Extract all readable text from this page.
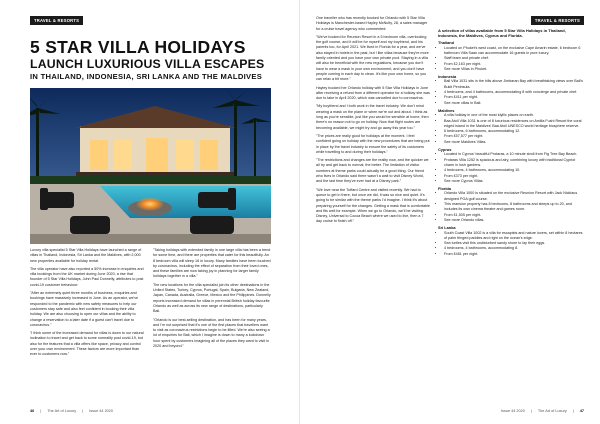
TRAVEL & RESORTS
5 STAR VILLA HOLIDAYS
LAUNCH LUXURIOUS VILLA ESCAPES
IN THAILAND, INDONESIA, SRI LANKA AND THE MALDIVES

Luxury villa specialist 5 Star Villa Holidays have launched a range of villas in Thailand, Indonesia, Sri Lanka and the Maldives, with 2,000 new properties available for holiday rental.

The villa operator have also reported a 50% increase in enquiries and villa bookings from the UK market during June 2020, a rise that founder of 5 Star Villa Holidays, John Paul Donnelly, attributes to post covid-19 customer behaviour:

"After an extremely quiet three months of business, enquiries and bookings have massively increased in June. As an operator, we've responded to the pandemic with new safety measures to help our customers stay safe and also feel confident in booking their villa holiday. We are also choosing to open our villas and the ability to change a reservation to a later date if a guest can't travel due to coronavirus."

"I think some of the increased demand for villas is down to our natural inclination to travel and get back to some normality post covid-19, but also for the features that a villa offers like space, privacy and control over your own environment. These factors are more important than ever to customers now."

"Taking holidays with extended family in one large villa has been a trend for some time, and there are properties that cater for this beautifully. An 8 bedroom villa will sleep 16 in luxury. Many families have been touched by coronavirus, including the effect of separation from their loved ones, and these families are now taking joy in planning for larger family holidays together in a villa."

The new locations for the villa specialist join its other destinations in the United States, Turkey, Cyprus, Portugal, Spain, Bulgaria, New Zealand, Japan, Canada, Australia, Greece, Mexico and the Philippines. Donnelly reports increased demand for villas in perennial British holiday favourite Orlando as well as across its new range of destinations, particularly Bali.

"Orlando is our best-selling destination, and has been for many years, and I'm not surprised that it's one of the first places that travellers want to visit as coronavirus restrictions begin to be lifted. We're also seeing a lot of enquiries for Bali, which I imagine is down to many a lockdown hour spent by customers imagining all of the places they want to visit in 2020 and beyond."

46 | The Art of Luxury | Issue 44 2020
TRAVEL & RESORTS

One traveller who has recently booked for Orlando with 5 Star Villa Holidays is Manchester-based Hayley McNulty, 28, a sales manager for a cruise travel agency who commented:

"We've booked for Reunion Resort in a 5 bedroom villa, overlooking the golf course, and it will be for myself and my boyfriend, and his parents too, for April 2021. We lived in Florida for a year, and we've also stayed in hotels in the past, but I like villas because they're more family oriented and you have your own private pool. Staying in a villa will also be beneficial with the new regulations, because you don't have to wear a mask in your own environment, and you don't have people coming in each day to clean. It's like your own home, so you can relax a bit more."

Hayley booked her Orlando holiday with 5 Star Villa Holidays in June after receiving a refund from a different operator for a holiday she was due to take in April 2020, which was cancelled due to coronavirus.

"My boyfriend and I both work in the travel industry. We don't mind wearing a mask on the plane or when we're out and about. I think as long as you're sensible, just like you would be sensible at home, then there's no reason not to go on holiday. Now that flight routes are becoming available, we might try and go away this year too."

"The prices are really good for holidays at the moment. I feel confident going on holiday with the new procedures that are being put in place by the travel industry to ensure the safety of its customers while travelling to and during their holidays."

"The restrictions and changes are the reality now, and the quicker we all try and get back to normal, the better. The limitation of visitor numbers at theme parks could actually be a good thing. Our friend who lives in Orlando said there wasn't a wait to visit Disney World, and the last time they've ever had at a Disney park."

"We love near the Tuffard Centre and visited recently. We had to queue to get in there, but once we did, it was so nice and quiet. It's going to be similar with the theme parks I'd imagine. I think it's about preparing yourself for the changes. Getting a mask that is comfortable and fits well for example. When we go to Orlando, we'll be visiting Disney, Universal to Cocoa Beach where we used to live, then a 7 day cruise to finish off."

A selection of villas available from 5 Star Villa Holidays in Thailand, Indonesia, the Maldives, Cyprus and Florida.
Thailand
• Located on Phuket's west coast, on the exclusive Cape Amarin estate, 6 bedroom 6 bathroom Villa Saan can accommodate 16 guests in pure luxury.
• Staff team and private chef.
• From £2,163 per night.
• See more Villas in Phuket.
Indonesia
• Bali Villa 1031 sits in the hills above Jimbaran Bay with breathtaking views over Bali's Bukit Peninsula.
• 4 bedrooms, and 4 bathrooms, accommodating 8 with concierge and private chef.
• From £411 per night.
• See more villas in Bali.
Maldives
• A villa holiday in one of the most idyllic places on earth.
• Baa Atoll Villa 1031 is one of 8 luxurious residences on Amilla Fushi Resort the coral edged island in the Maldives' Baa Atoll UNESCO world heritage biosphere reserve.
• 6 bedrooms, 6 bathrooms, accommodating 12.
• From £57,577 per night.
• See more Maldives Villas.
Cyprus
• Located in Cyprus' beautiful Protaras, a 10 minute stroll from Fig Tree Bay Beach.
• Protaras Villa 1252 is spacious and airy, combining luxury with traditional Cypriot charm in lush gardens.
• 4 bedrooms, 4 bathrooms, accommodating 10.
• From £373 per night.
• See more Cyprus Villas.
Florida
• Orlando Villa 1000 is situated on the exclusive Reunion Resort with Jack Nicklaus designed PGA golf course.
• This mansion property has 8 bedrooms, 8 bathrooms and sleeps up to 20, and includes its own cinema theatre and games room.
• From £1,505 per night.
• See more Orlando villas.
Sri Lanka
• South Coast Villa 1002 is a villa for escapists and nature lovers, set within 8 hectares of palm fringed paddies and right on the ocean's edge.
• Sea turtles visit this undisturbed sandy shore to lay their eggs.
• 4 bedrooms, 4 bathrooms, accommodating 8.
• From £461 per night.
Issue 44 2020 | The Art of Luxury | 47
